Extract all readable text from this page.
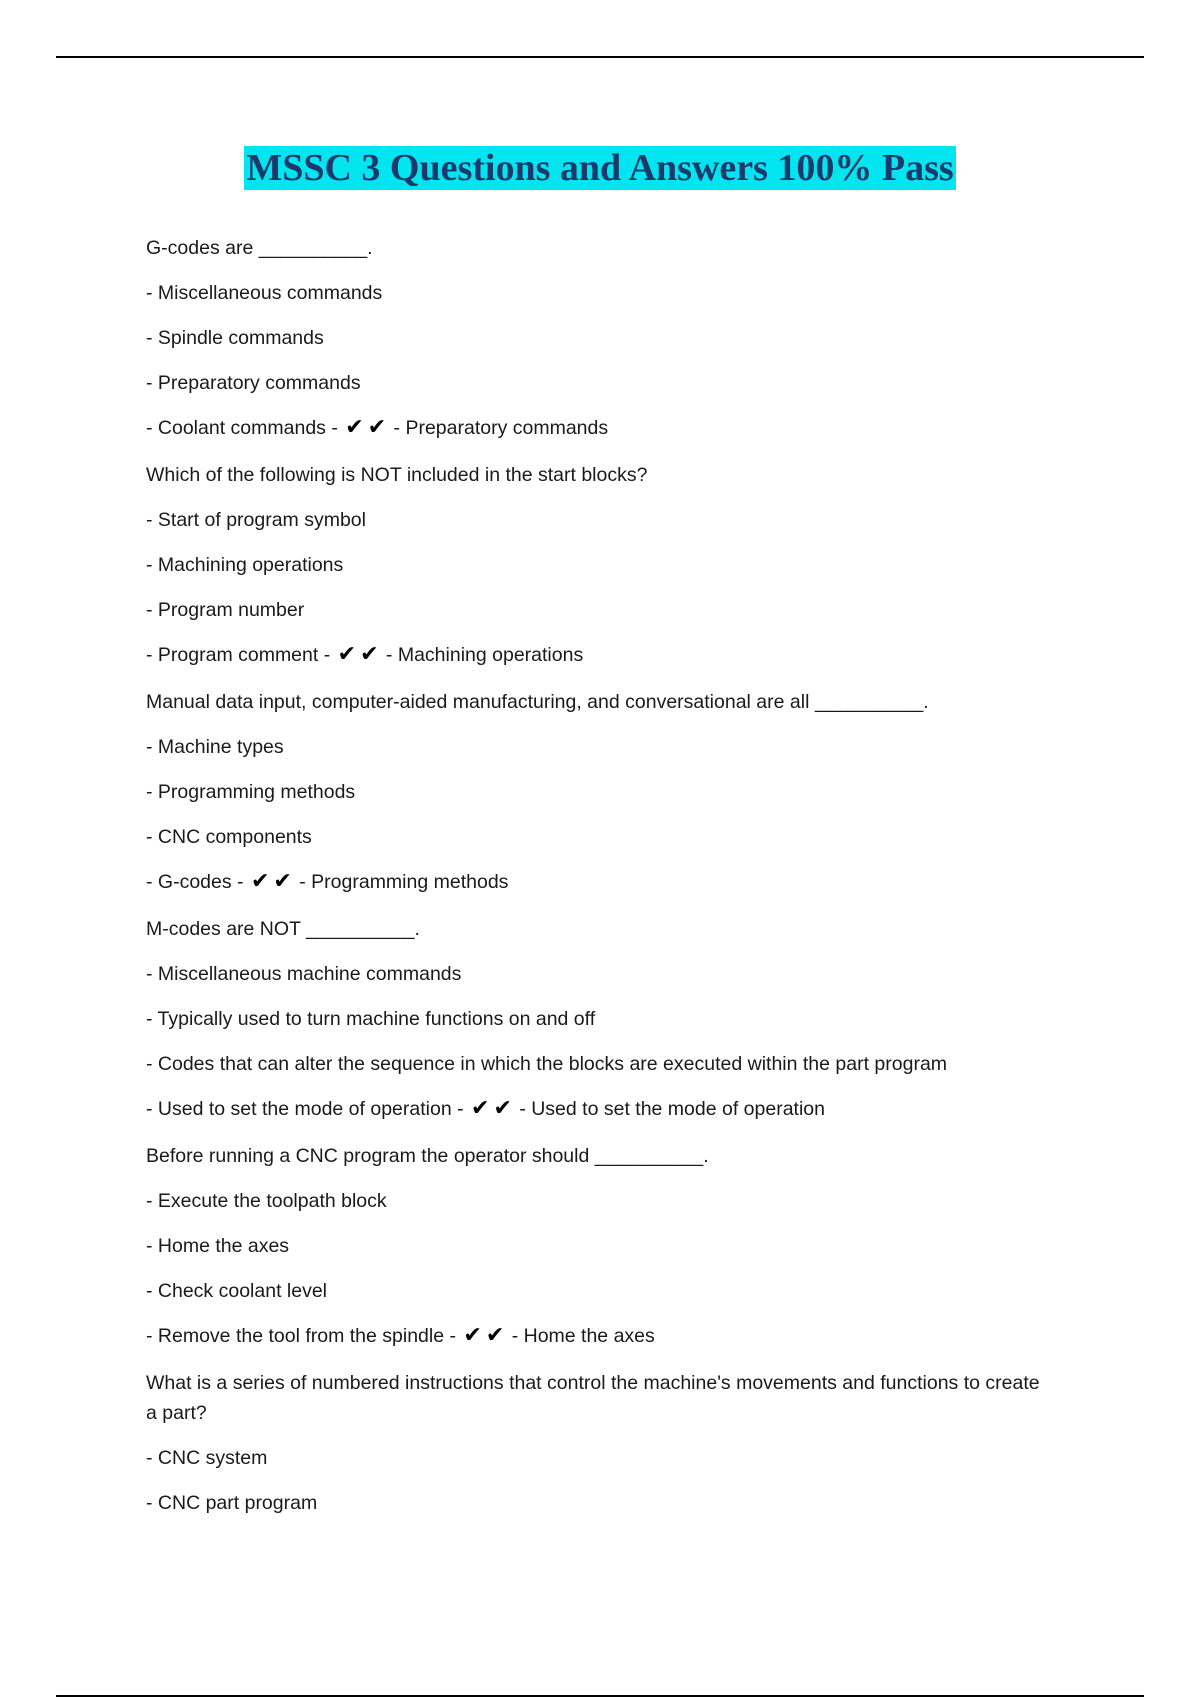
MSSC 3 Questions and Answers 100% Pass
G-codes are __________.
- Miscellaneous commands
- Spindle commands
- Preparatory commands
- Coolant commands - ✔ ✔ - Preparatory commands
Which of the following is NOT included in the start blocks?
- Start of program symbol
- Machining operations
- Program number
- Program comment - ✔ ✔ - Machining operations
Manual data input, computer-aided manufacturing, and conversational are all __________.
- Machine types
- Programming methods
- CNC components
- G-codes - ✔ ✔ - Programming methods
M-codes are NOT __________.
- Miscellaneous machine commands
- Typically used to turn machine functions on and off
- Codes that can alter the sequence in which the blocks are executed within the part program
- Used to set the mode of operation - ✔ ✔ - Used to set the mode of operation
Before running a CNC program the operator should __________.
- Execute the toolpath block
- Home the axes
- Check coolant level
- Remove the tool from the spindle - ✔ ✔ - Home the axes
What is a series of numbered instructions that control the machine's movements and functions to create a part?
- CNC system
- CNC part program
